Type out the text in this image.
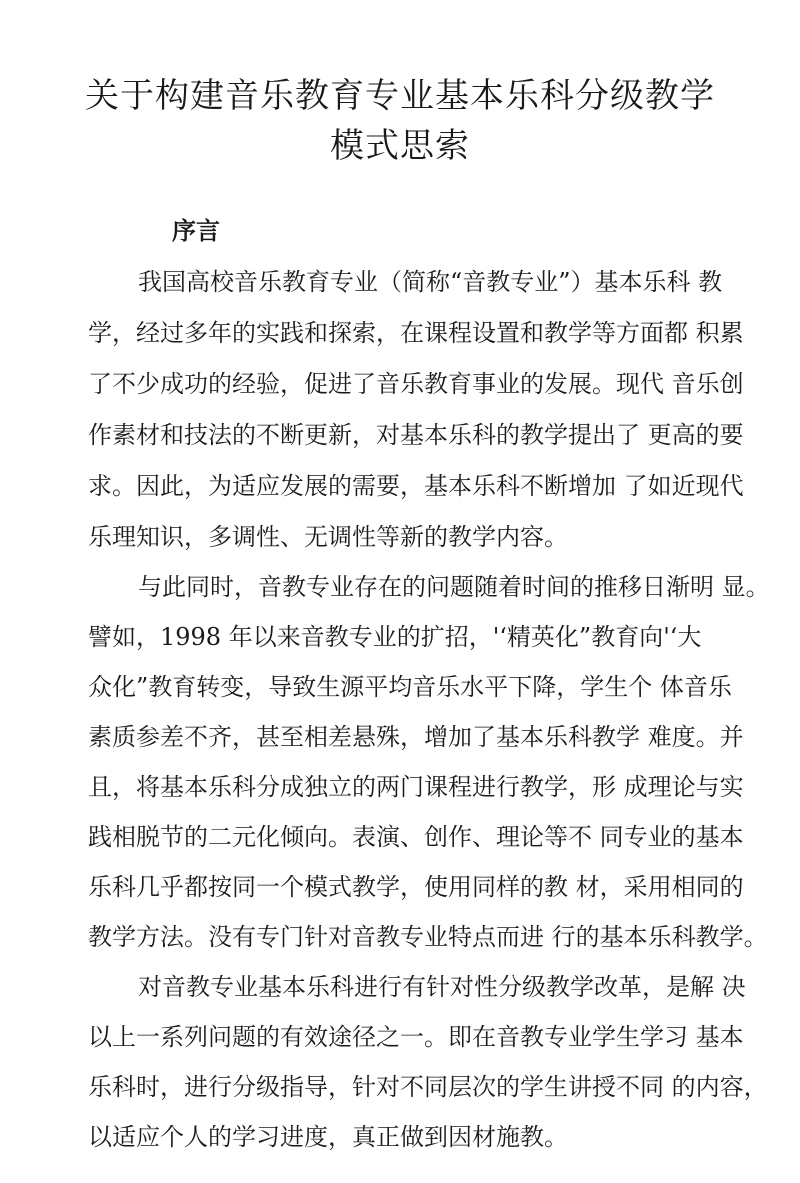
关于构建音乐教育专业基本乐科分级教学
模式思索
序言

我国高校音乐教育专业（简称“音教专业”）基本乐科 教

学，经过多年的实践和探索，在课程设置和教学等方面都 积累

了不少成功的经验，促进了音乐教育事业的发展。现代 音乐创

作素材和技法的不断更新，对基本乐科的教学提出了 更高的要

求。因此，为适应发展的需要，基本乐科不断增加 了如近现代

乐理知识，多调性、无调性等新的教学内容。

与此同时，音教专业存在的问题随着时间的推移日渐明 显。

譬如，1998 年以来音教专业的扩招，'‘精英化”教育向'‘大

众化”教育转变，导致生源平均音乐水平下降，学生个 体音乐

素质参差不齐，甚至相差悬殊，增加了基本乐科教学 难度。并

且，将基本乐科分成独立的两门课程进行教学，形 成理论与实

践相脱节的二元化倾向。表演、创作、理论等不 同专业的基本

乐科几乎都按同一个模式教学，使用同样的教 材，采用相同的

教学方法。没有专门针对音教专业特点而进 行的基本乐科教学。

对音教专业基本乐科进行有针对性分级教学改革，是解 决

以上一系列问题的有效途径之一。即在音教专业学生学习 基本

乐科时，进行分级指导，针对不同层次的学生讲授不同 的内容，

以适应个人的学习进度，真正做到因材施教。
